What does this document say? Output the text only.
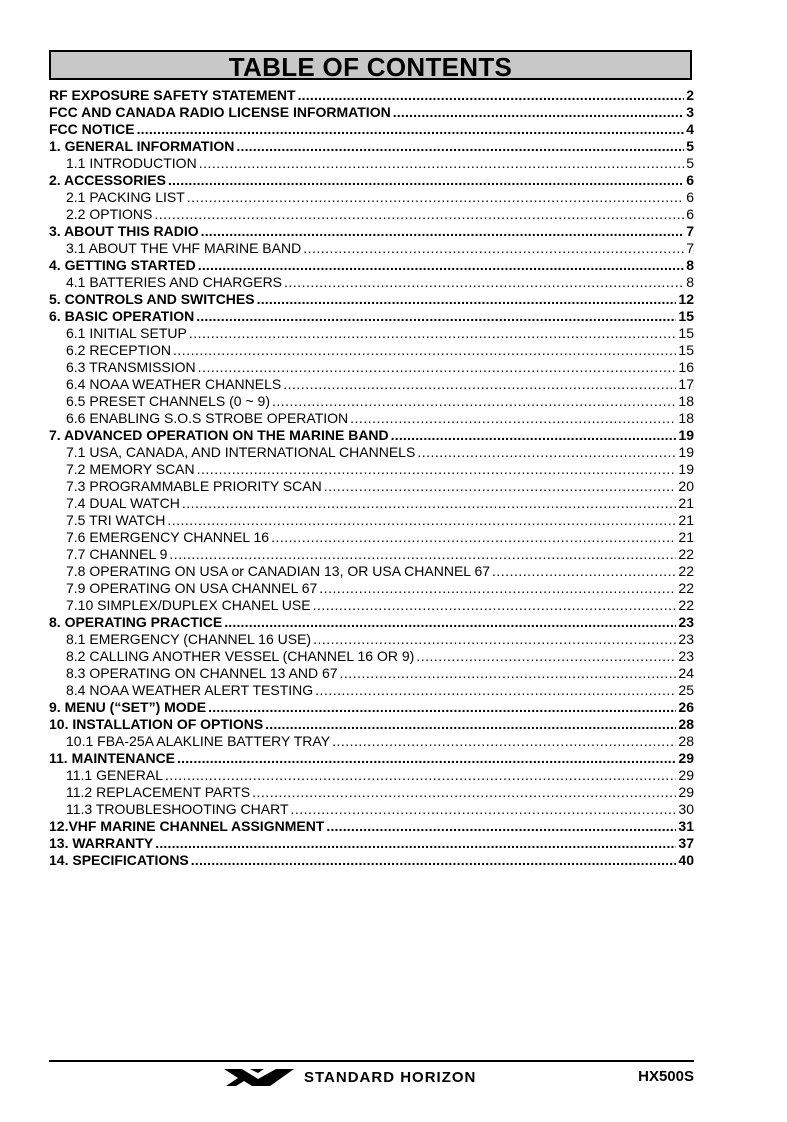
TABLE OF CONTENTS
RF EXPOSURE SAFETY STATEMENT .....	2
FCC AND CANADA RADIO LICENSE INFORMATION .....	3
FCC NOTICE .....	4
1. GENERAL INFORMATION .....	5
1.1 INTRODUCTION .....	5
2. ACCESSORIES .....	6
2.1 PACKING LIST .....	6
2.2 OPTIONS .....	6
3. ABOUT THIS RADIO .....	7
3.1 ABOUT THE VHF MARINE BAND .....	7
4. GETTING STARTED .....	8
4.1 BATTERIES AND CHARGERS .....	8
5. CONTROLS AND SWITCHES .....	12
6. BASIC OPERATION .....	15
6.1 INITIAL SETUP .....	15
6.2 RECEPTION .....	15
6.3 TRANSMISSION .....	16
6.4 NOAA WEATHER CHANNELS .....	17
6.5 PRESET CHANNELS (0 ~ 9) .....	18
6.6 ENABLING S.O.S STROBE OPERATION .....	18
7. ADVANCED OPERATION ON THE MARINE BAND .....	19
7.1 USA, CANADA, AND INTERNATIONAL CHANNELS .....	19
7.2 MEMORY SCAN .....	19
7.3 PROGRAMMABLE PRIORITY SCAN .....	20
7.4 DUAL WATCH .....	21
7.5 TRI WATCH .....	21
7.6 EMERGENCY CHANNEL 16 .....	21
7.7 CHANNEL 9 .....	22
7.8 OPERATING ON USA or CANADIAN 13, OR USA CHANNEL 67 .....	22
7.9 OPERATING ON USA CHANNEL 67 .....	22
7.10 SIMPLEX/DUPLEX CHANEL USE .....	22
8. OPERATING PRACTICE .....	23
8.1 EMERGENCY (CHANNEL 16 USE) .....	23
8.2 CALLING ANOTHER VESSEL (CHANNEL 16 OR 9) .....	23
8.3 OPERATING ON CHANNEL 13 AND 67 .....	24
8.4 NOAA WEATHER ALERT TESTING .....	25
9. MENU (“SET”) MODE .....	26
10. INSTALLATION OF OPTIONS .....	28
10.1 FBA-25A ALAKLINE BATTERY TRAY .....	28
11. MAINTENANCE .....	29
11.1 GENERAL .....	29
11.2 REPLACEMENT PARTS .....	29
11.3 TROUBLESHOOTING CHART .....	30
12.VHF MARINE CHANNEL ASSIGNMENT .....	31
13. WARRANTY .....	37
14. SPECIFICATIONS .....	40
STANDARD HORIZON	HX500S
